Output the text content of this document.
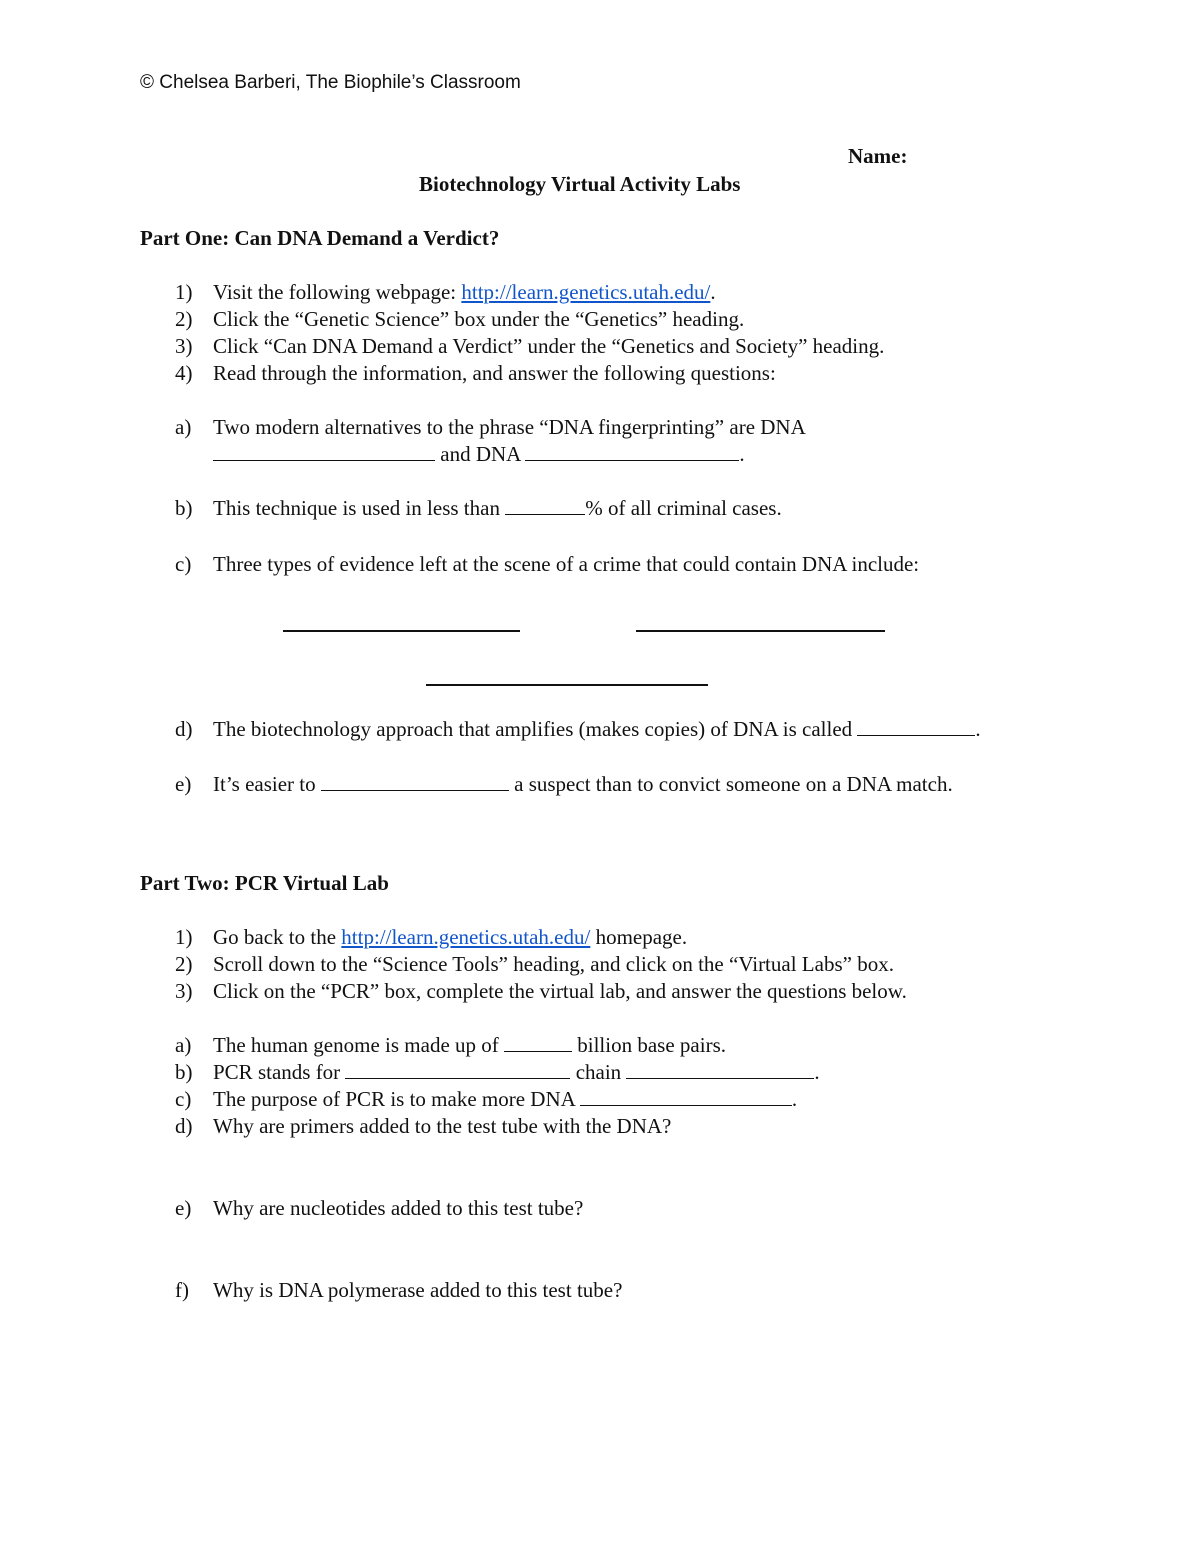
© Chelsea Barberi, The Biophile’s Classroom
Name:
Biotechnology Virtual Activity Labs
Part One: Can DNA Demand a Verdict?
1) Visit the following webpage: http://learn.genetics.utah.edu/.
2) Click the “Genetic Science” box under the “Genetics” heading.
3) Click “Can DNA Demand a Verdict” under the “Genetics and Society” heading.
4) Read through the information, and answer the following questions:
a) Two modern alternatives to the phrase “DNA fingerprinting” are DNA
and DNA	.
b) This technique is used in less than	% of all criminal cases.
c) Three types of evidence left at the scene of a crime that could contain DNA include:
d) The biotechnology approach that amplifies (makes copies) of DNA is called	.
e) It’s easier to	a suspect than to convict someone on a DNA match.
Part Two: PCR Virtual Lab
1) Go back to the http://learn.genetics.utah.edu/ homepage.
2) Scroll down to the “Science Tools” heading, and click on the “Virtual Labs” box.
3) Click on the “PCR” box, complete the virtual lab, and answer the questions below.
a) The human genome is made up of	billion base pairs.
b) PCR stands for	chain	.
c) The purpose of PCR is to make more DNA	.
d) Why are primers added to the test tube with the DNA?
e) Why are nucleotides added to this test tube?
f) Why is DNA polymerase added to this test tube?
